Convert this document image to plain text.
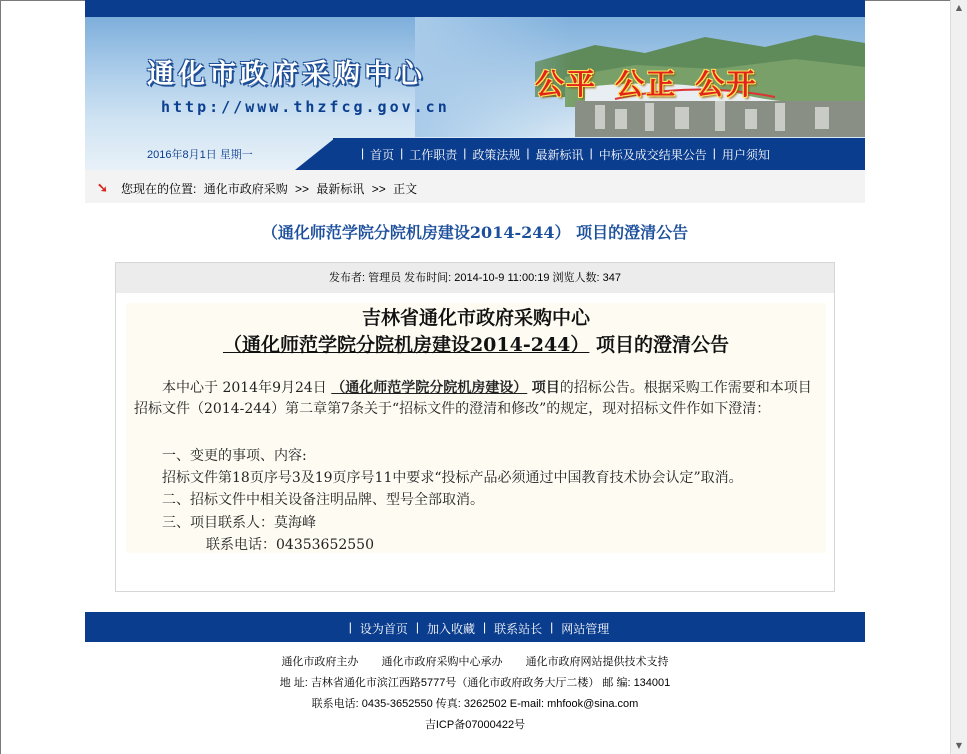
通化市政府采购中心
http://www.thzfcg.gov.cn
公平 公正 公开
2016年8月1日 星期一	| 首页 | 工作职责 | 政策法规 | 最新标讯 | 中标及成交结果公告 | 用户须知
➘ 您现在的位置: 通化市政府采购 >> 最新标讯 >> 正文
（通化师范学院分院机房建设2014-244） 项目的澄清公告
发布者: 管理员 发布时间: 2014-10-9 11:00:19 浏览人数: 347
吉林省通化市政府采购中心
（通化师范学院分院机房建设2014-244） 项目的澄清公告
本中心于 2014年9月24日 （通化师范学院分院机房建设） 项目的招标公告。根据采购工作需要和本项目招标文件（2014-244）第二章第7条关于“招标文件的澄清和修改”的规定，现对招标文件作如下澄清：
一、变更的事项、内容:
招标文件第18页序号3及19页序号11中要求“投标产品必须通过中国教育技术协会认定”取消。
二、招标文件中相关设备注明品牌、型号全部取消。
三、项目联系人：莫海峰
联系电话：04353652550
| 设为首页 | 加入收藏 | 联系站长 | 网站管理
通化市政府主办 通化市政府采购中心承办 通化市政府网站提供技术支持
地 址: 吉林省通化市滨江西路5777号（通化市政府政务大厅二楼） 邮 编: 134001
联系电话: 0435-3652550 传真: 3262502 E-mail: mhfook@sina.com
吉ICP备07000422号
▲
▼
